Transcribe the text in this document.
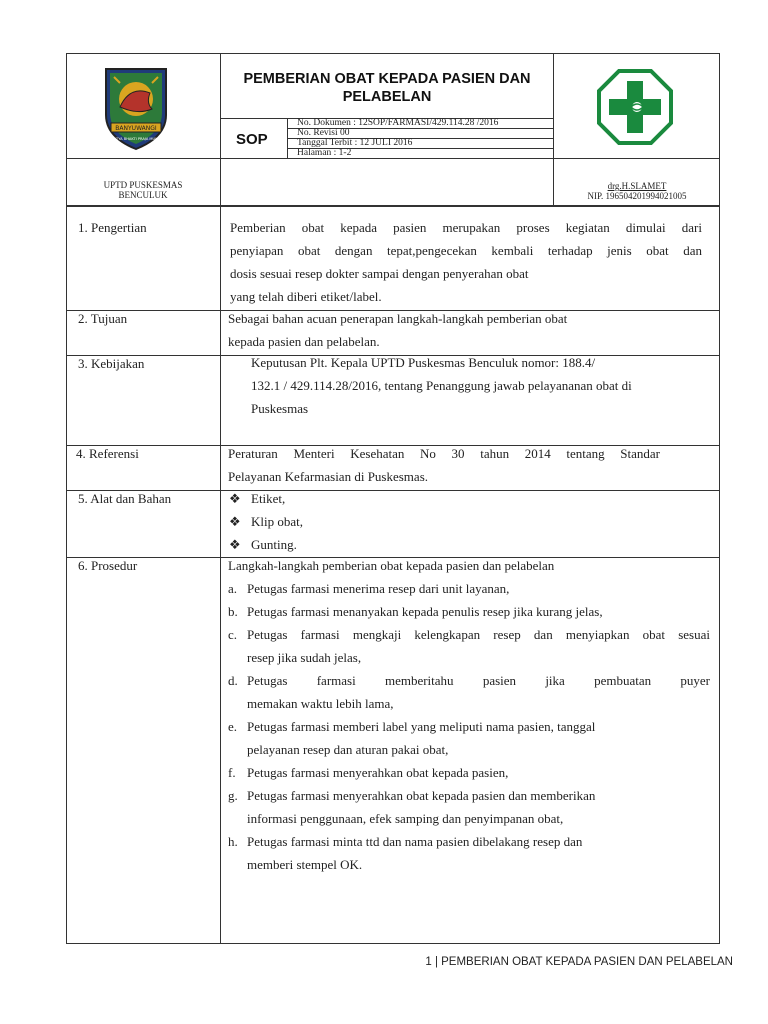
BANYUWANGI
SATYA BHAKTI PRAJA MUKTI
PEMBERIAN OBAT KEPADA PASIEN DAN PELABELAN
SOP
No. Dokumen : 12SOP/FARMASI/429.114.28 /2016
No. Revisi 00
Tanggal Terbit : 12 JULI 2016
Halaman : 1-2
UPTD PUSKESMAS
BENCULUK
drg.H.SLAMET
NIP. 196504201994021005
1. Pengertian	Pemberian obat kepada pasien merupakan proses kegiatan dimulai dari
penyiapan obat dengan tepat,pengecekan kembali terhadap jenis obat dan
dosis sesuai resep dokter sampai dengan penyerahan obat
yang telah diberi etiket/label.
2. Tujuan	Sebagai bahan acuan penerapan langkah-langkah pemberian obat
kepada pasien dan pelabelan.
3. Kebijakan	Keputusan Plt. Kepala UPTD Puskesmas Benculuk nomor: 188.4/
132.1 / 429.114.28/2016, tentang Penanggung jawab pelayananan obat di
Puskesmas
4. Referensi	Peraturan Menteri Kesehatan No 30 tahun 2014 tentang Standar
Pelayanan Kefarmasian di Puskesmas.
5. Alat dan Bahan	❖ Etiket,
❖ Klip obat,
❖ Gunting.
6. Prosedur	Langkah-langkah pemberian obat kepada pasien dan pelabelan
a. Petugas farmasi menerima resep dari unit layanan,
b. Petugas farmasi menanyakan kepada penulis resep jika kurang jelas,
c. Petugas farmasi mengkaji kelengkapan resep dan menyiapkan obat sesuai
resep jika sudah jelas,
d. Petugas farmasi memberitahu pasien jika pembuatan puyer
memakan waktu lebih lama,
e. Petugas farmasi memberi label yang meliputi nama pasien, tanggal
pelayanan resep dan aturan pakai obat,
f. Petugas farmasi menyerahkan obat kepada pasien,
g. Petugas farmasi menyerahkan obat kepada pasien dan memberikan
informasi penggunaan, efek samping dan penyimpanan obat,
h. Petugas farmasi minta ttd dan nama pasien dibelakang resep dan
memberi stempel OK.
1 | PEMBERIAN OBAT KEPADA PASIEN DAN PELABELAN
